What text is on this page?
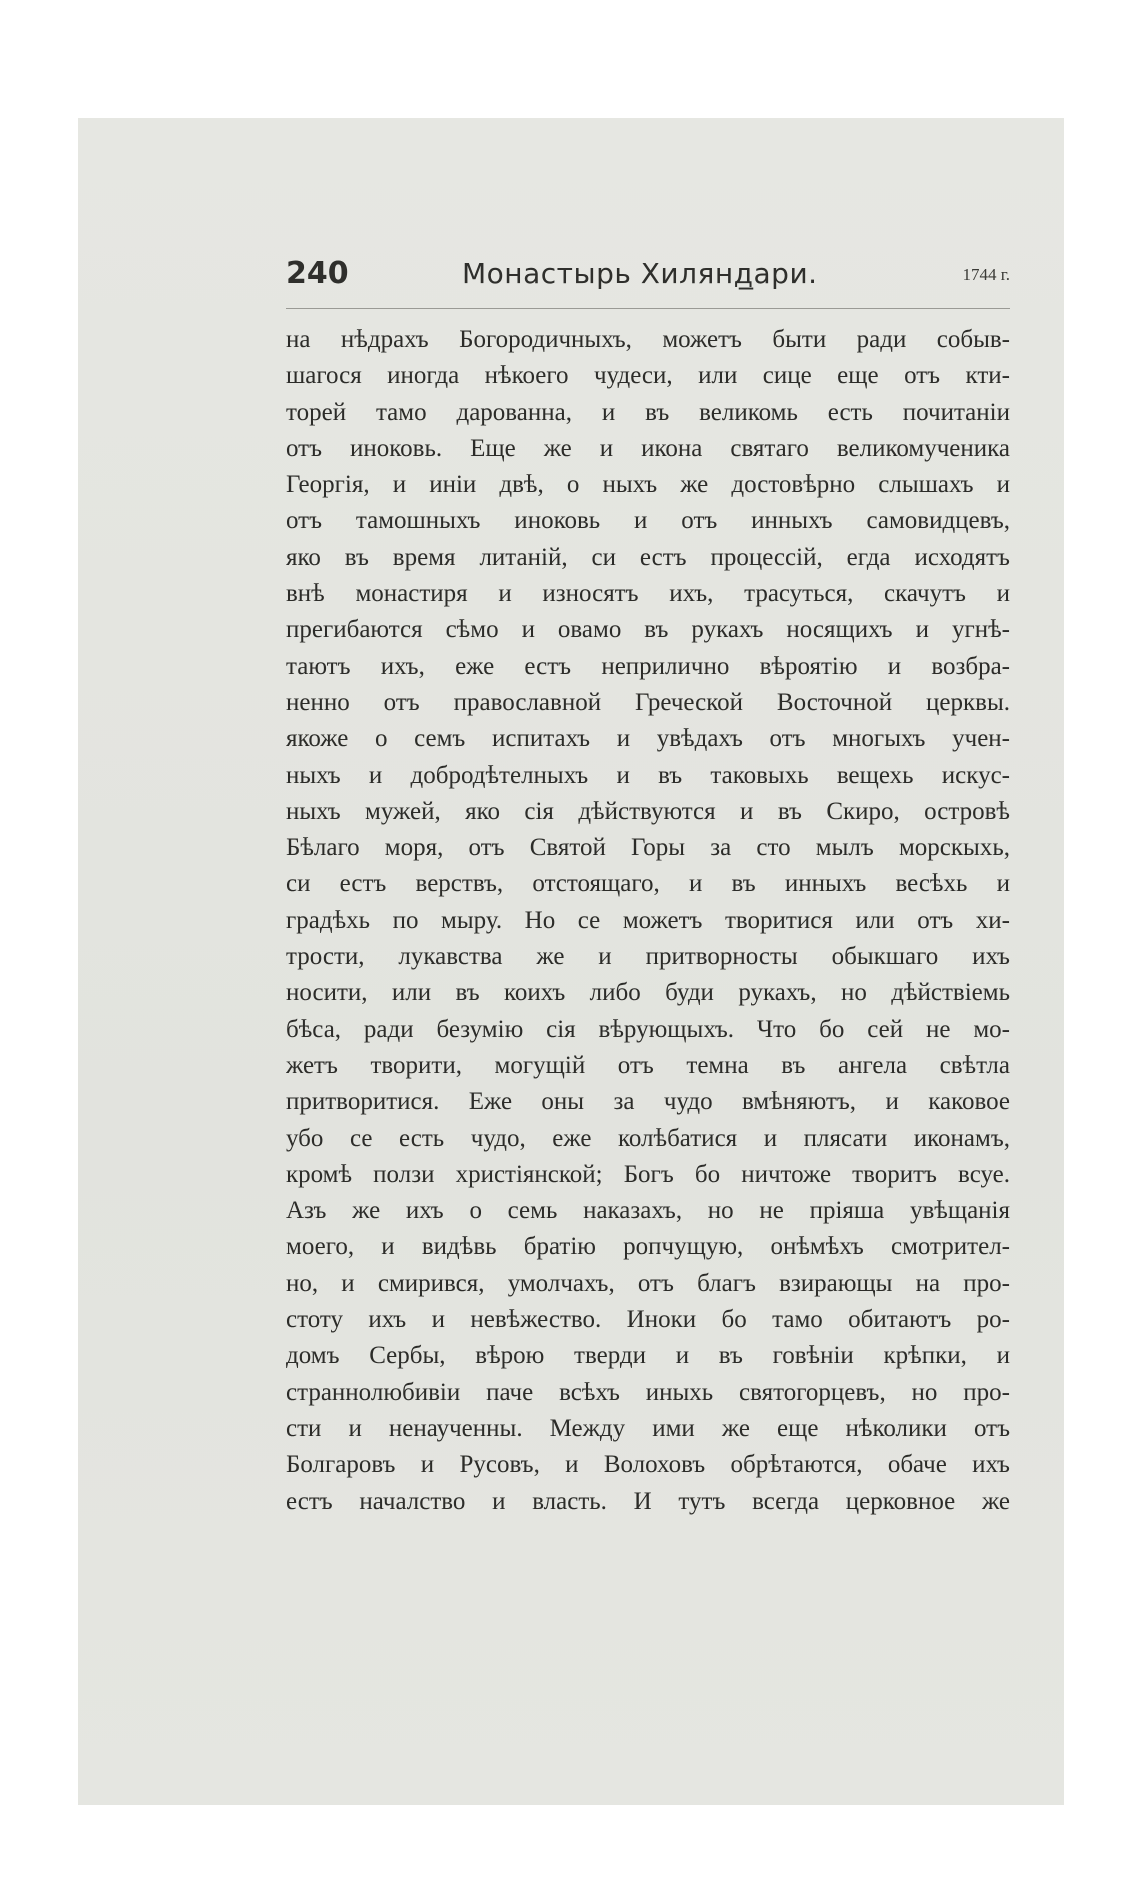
240	Монастырь Хилянд̲ари.	1744 г.
на нѣдрахъ Богородичныхъ, можетъ быти ради собыв-
шагося иногда нѣкоего чудеси, или сице еще отъ кти-
торей тамо дарованна, и въ великомь есть почитаніи
отъ иноковь. Еще же и икона святаго великомученика
Георгія, и иніи двѣ, о ныхъ же достовѣрно слышахъ и
отъ тамошныхъ иноковь и отъ инныхъ самовидцевъ,
яко въ время литаній, си естъ процессій, егда исходятъ
внѣ монастиря и износятъ ихъ, трасуться, скачутъ и
прегибаются сѣмо и овамо въ рукахъ носящихъ и угнѣ-
таютъ ихъ, еже естъ неприлично вѣроятію и возбра-
ненно отъ православной Греческой Восточной церквы.
якоже о семъ испитахъ и увѣдахъ отъ многыхъ учен-
ныхъ и добродѣтелныхъ и въ таковыхь вещехь искус-
ныхъ мужей, яко сія дѣйствуются и въ Скиро, островѣ
Бѣлаго моря, отъ Святой Горы за сто мылъ морскыхь,
си естъ верствъ, отстоящаго, и въ инныхъ весѣхь и
градѣхь по мыру. Но се можетъ творитися или отъ хи-
трости, лукавства же и притворносты обыкшаго ихъ
носити, или въ коихъ либо буди рукахъ, но дѣйствіемь
бѣса, ради безумію сія вѣрующыхъ. Что бо сей не мо-
жетъ творити, могущій отъ темна въ ангела свѣтла
притворитися. Еже оны за чудо вмѣняютъ, и каковое
убо се есть чудо, еже колѣбатися и плясати иконамъ,
кромѣ ползи христіянской; Богъ бо ничтоже творитъ всуе.
Азъ же ихъ о семь наказахъ, но не пріяша увѣщанія
моего, и видѣвь братію ропчущую, онѣмѣхъ смотрител-
но, и смирився, умолчахъ, отъ благъ взирающы на про-
стоту ихъ и невѣжество. Иноки бо тамо обитаютъ ро-
домъ Сербы, вѣрою тверди и въ говѣніи крѣпки, и
страннолюбивіи паче всѣхъ иныхь святогорцевъ, но про-
сти и ненаученны. Между ими же еще нѣколики отъ
Болгаровъ и Русовъ, и Волоховъ обрѣтаются, обаче ихъ
естъ началство и власть. И тутъ всегда церковное же
